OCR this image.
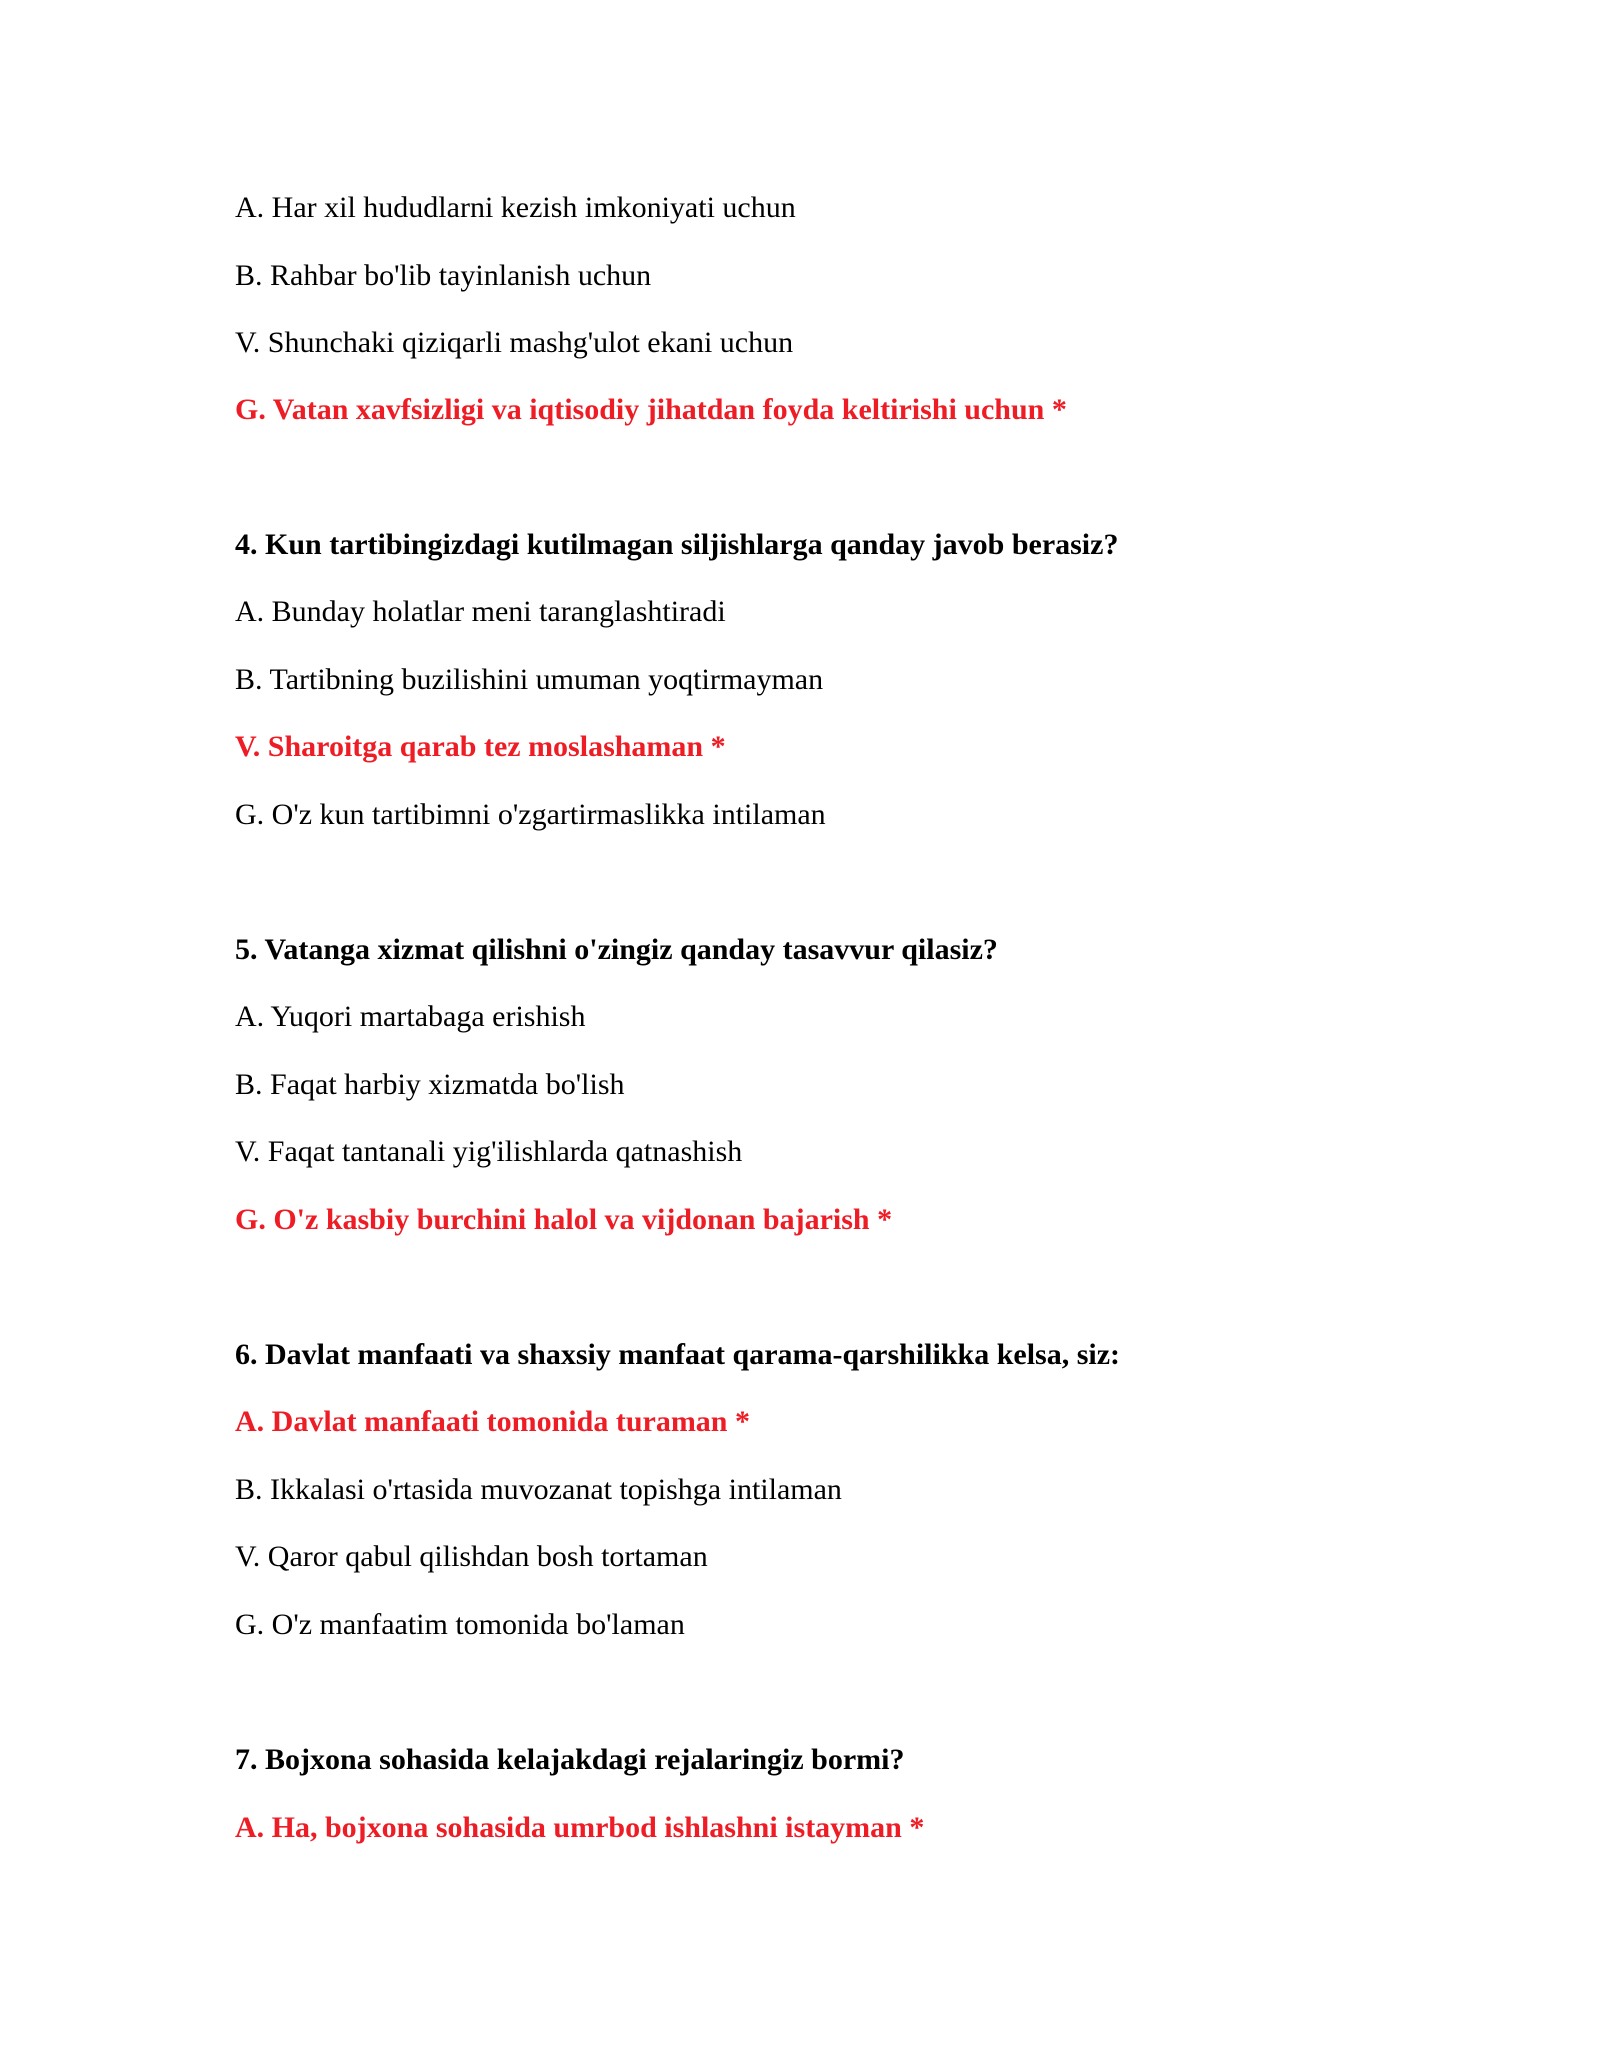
A. Har xil hududlarni kezish imkoniyati uchun
B. Rahbar bo'lib tayinlanish uchun
V. Shunchaki qiziqarli mashg'ulot ekani uchun
G. Vatan xavfsizligi va iqtisodiy jihatdan foyda keltirishi uchun *
4. Kun tartibingizdagi kutilmagan siljishlarga qanday javob berasiz?
A. Bunday holatlar meni taranglashtiradi
B. Tartibning buzilishini umuman yoqtirmayman
V. Sharoitga qarab tez moslashaman *
G. O'z kun tartibimni o'zgartirmaslikka intilaman
5. Vatanga xizmat qilishni o'zingiz qanday tasavvur qilasiz?
A. Yuqori martabaga erishish
B. Faqat harbiy xizmatda bo'lish
V. Faqat tantanali yig'ilishlarda qatnashish
G. O'z kasbiy burchini halol va vijdonan bajarish *
6. Davlat manfaati va shaxsiy manfaat qarama-qarshilikka kelsa, siz:
A. Davlat manfaati tomonida turaman *
B. Ikkalasi o'rtasida muvozanat topishga intilaman
V. Qaror qabul qilishdan bosh tortaman
G. O'z manfaatim tomonida bo'laman
7. Bojxona sohasida kelajakdagi rejalaringiz bormi?
A. Ha, bojxona sohasida umrbod ishlashni istayman *
